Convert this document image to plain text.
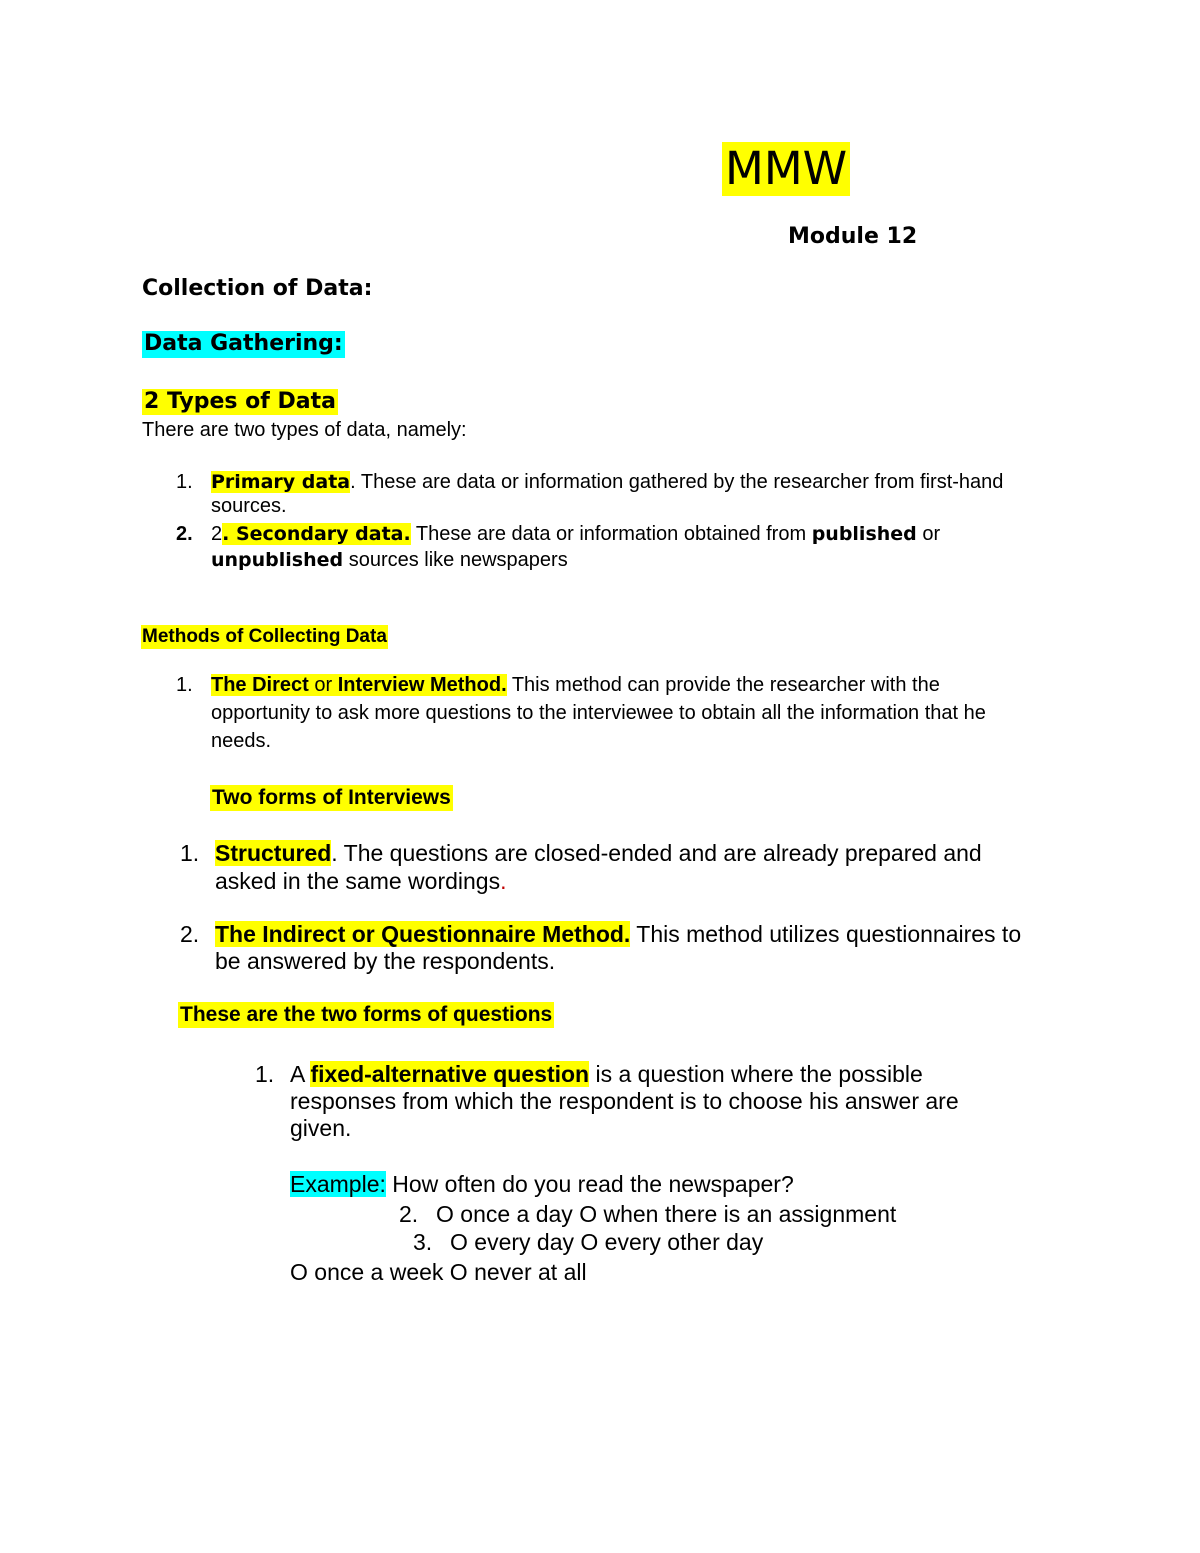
MMW
Module 12
Collection of Data:
Data Gathering:
2 Types of Data
There are two types of data, namely:
1. Primary data. These are data or information gathered by the researcher from first-hand
sources.
2. 2. Secondary data. These are data or information obtained from published or
unpublished sources like newspapers
Methods of Collecting Data
1. The Direct or Interview Method. This method can provide the researcher with the
opportunity to ask more questions to the interviewee to obtain all the information that he
needs.
Two forms of Interviews
1. Structured. The questions are closed-ended and are already prepared and
asked in the same wordings.
2. The Indirect or Questionnaire Method. This method utilizes questionnaires to
be answered by the respondents.
These are the two forms of questions
1. A fixed-alternative question is a question where the possible
responses from which the respondent is to choose his answer are
given.
Example: How often do you read the newspaper?
2. O once a day O when there is an assignment
3. O every day O every other day
O once a week O never at all
